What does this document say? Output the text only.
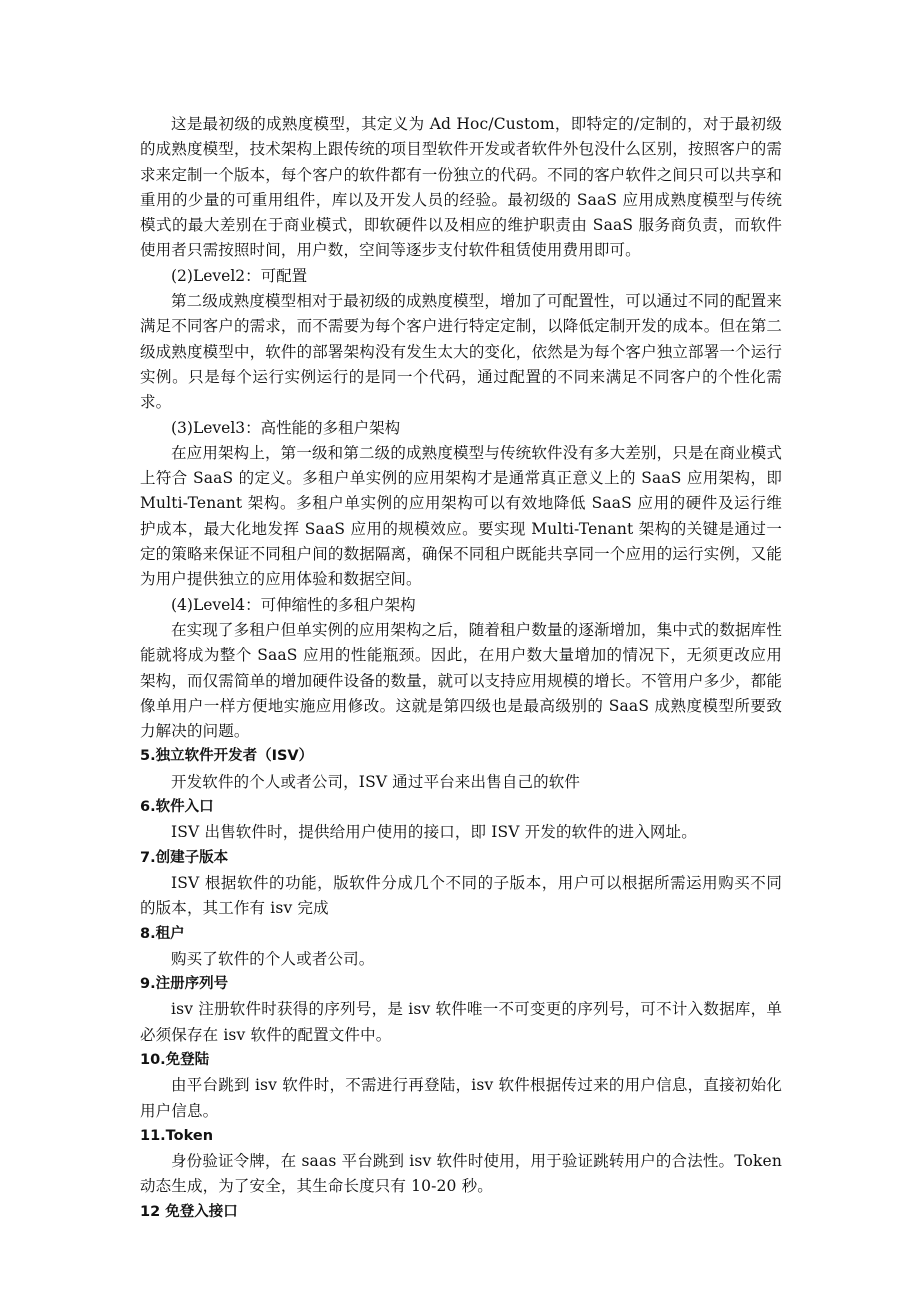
这是最初级的成熟度模型，其定义为 Ad Hoc/Custom，即特定的/定制的，对于最初级的成熟度模型，技术架构上跟传统的项目型软件开发或者软件外包没什么区别，按照客户的需求来定制一个版本，每个客户的软件都有一份独立的代码。不同的客户软件之间只可以共享和重用的少量的可重用组件，库以及开发人员的经验。最初级的 SaaS 应用成熟度模型与传统模式的最大差别在于商业模式，即软硬件以及相应的维护职责由 SaaS 服务商负责，而软件使用者只需按照时间，用户数，空间等逐步支付软件租赁使用费用即可。

(2)Level2：可配置

第二级成熟度模型相对于最初级的成熟度模型，增加了可配置性，可以通过不同的配置来满足不同客户的需求，而不需要为每个客户进行特定定制，以降低定制开发的成本。但在第二级成熟度模型中，软件的部署架构没有发生太大的变化，依然是为每个客户独立部署一个运行实例。只是每个运行实例运行的是同一个代码，通过配置的不同来满足不同客户的个性化需求。

(3)Level3：高性能的多租户架构

在应用架构上，第一级和第二级的成熟度模型与传统软件没有多大差别，只是在商业模式上符合 SaaS 的定义。多租户单实例的应用架构才是通常真正意义上的 SaaS 应用架构，即 Multi-Tenant 架构。多租户单实例的应用架构可以有效地降低 SaaS 应用的硬件及运行维护成本，最大化地发挥 SaaS 应用的规模效应。要实现 Multi-Tenant 架构的关键是通过一定的策略来保证不同租户间的数据隔离，确保不同租户既能共享同一个应用的运行实例，又能为用户提供独立的应用体验和数据空间。

(4)Level4：可伸缩性的多租户架构

在实现了多租户但单实例的应用架构之后，随着租户数量的逐渐增加，集中式的数据库性能就将成为整个 SaaS 应用的性能瓶颈。因此，在用户数大量增加的情况下，无须更改应用架构，而仅需简单的增加硬件设备的数量，就可以支持应用规模的增长。不管用户多少，都能像单用户一样方便地实施应用修改。这就是第四级也是最高级别的 SaaS 成熟度模型所要致力解决的问题。

5.独立软件开发者（ISV）

开发软件的个人或者公司，ISV 通过平台来出售自己的软件

6.软件入口

ISV 出售软件时，提供给用户使用的接口，即 ISV 开发的软件的进入网址。

7.创建子版本

ISV 根据软件的功能，版软件分成几个不同的子版本，用户可以根据所需运用购买不同的版本，其工作有 isv 完成

8.租户

购买了软件的个人或者公司。

9.注册序列号

isv 注册软件时获得的序列号，是 isv 软件唯一不可变更的序列号，可不计入数据库，单必须保存在 isv 软件的配置文件中。

10.免登陆

由平台跳到 isv 软件时，不需进行再登陆，isv 软件根据传过来的用户信息，直接初始化用户信息。

11.Token

身份验证令牌，在 saas 平台跳到 isv 软件时使用，用于验证跳转用户的合法性。Token 动态生成，为了安全，其生命长度只有 10-20 秒。

12 免登入接口
